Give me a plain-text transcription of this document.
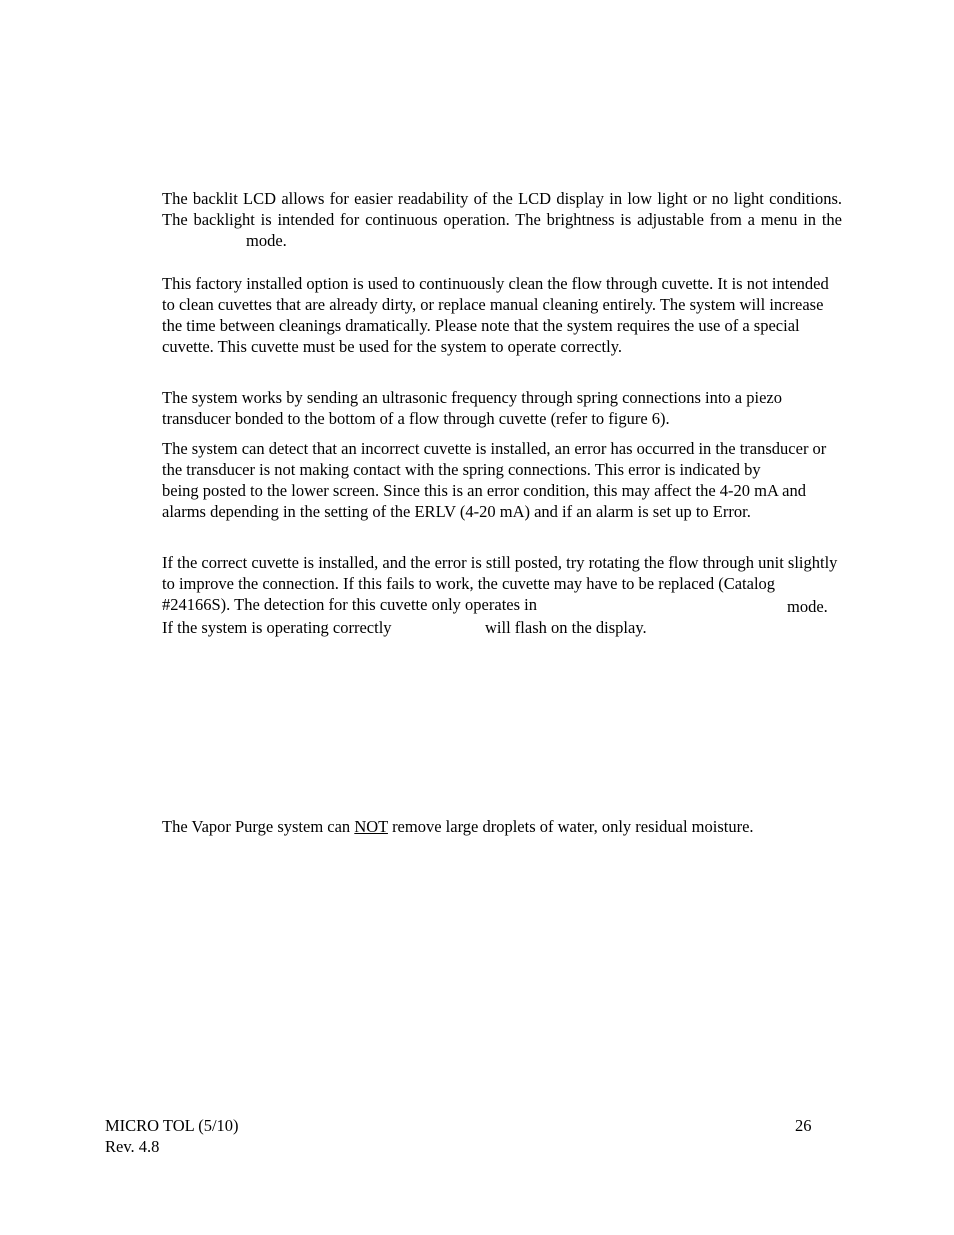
The backlit LCD allows for easier readability of the LCD display in low light or no light conditions. The backlight is intended for continuous operation. The brightness is adjustable from a menu in themode.

This factory installed option is used to continuously clean the flow through cuvette. It is not intended to clean cuvettes that are already dirty, or replace manual cleaning entirely. The system will increase the time between cleanings dramatically. Please note that the system requires the use of a special cuvette. This cuvette must be used for the system to operate correctly.

The system works by sending an ultrasonic frequency through spring connections into a piezo transducer bonded to the bottom of a flow through cuvette (refer to figure 6).

The system can detect that an incorrect cuvette is installed, an error has occurred in the transducer or the transducer is not making contact with the spring connections. This error is indicated bybeing posted to the lower screen. Since this is an error condition, this may affect the 4-20 mA and alarms depending in the setting of the ERLV (4-20 mA) and if an alarm is set up to Error.

If the correct cuvette is installed, and the error is still posted, try rotating the flow through unit slightly to improve the connection. If this fails to work, the cuvette may have to be replaced (Catalog #24166S). The detection for this cuvette only operates in	mode.
If the system is operating correctly	will flash on the display.

The Vapor Purge system can NOT remove large droplets of water, only residual moisture.

MICRO TOL (5/10)
Rev. 4.8
26
